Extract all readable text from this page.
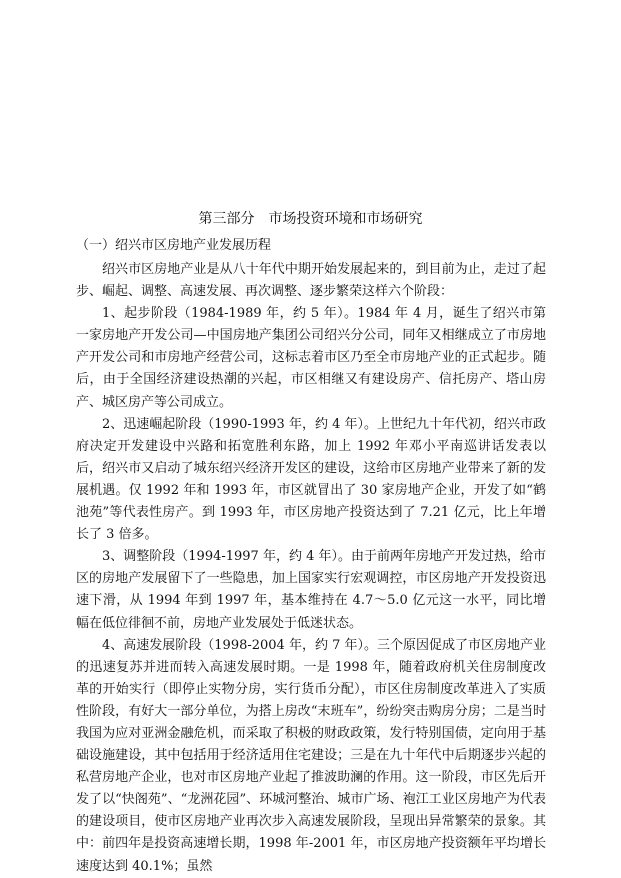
第三部分　市场投资环境和市场研究
（一）绍兴市区房地产业发展历程

绍兴市区房地产业是从八十年代中期开始发展起来的，到目前为止，走过了起步、崛起、调整、高速发展、再次调整、逐步繁荣这样六个阶段：

1、起步阶段（1984-1989 年，约 5 年）。1984 年 4 月，诞生了绍兴市第一家房地产开发公司—中国房地产集团公司绍兴分公司，同年又相继成立了市房地产开发公司和市房地产经营公司，这标志着市区乃至全市房地产业的正式起步。随后，由于全国经济建设热潮的兴起，市区相继又有建设房产、信托房产、塔山房产、城区房产等公司成立。

2、迅速崛起阶段（1990-1993 年，约 4 年）。上世纪九十年代初，绍兴市政府决定开发建设中兴路和拓宽胜利东路，加上 1992 年邓小平南巡讲话发表以后，绍兴市又启动了城东绍兴经济开发区的建设，这给市区房地产业带来了新的发展机遇。仅 1992 年和 1993 年，市区就冒出了 30 家房地产企业，开发了如“鹤池苑”等代表性房产。到 1993 年，市区房地产投资达到了 7.21 亿元，比上年增长了 3 倍多。

3、调整阶段（1994-1997 年，约 4 年）。由于前两年房地产开发过热，给市区的房地产发展留下了一些隐患，加上国家实行宏观调控，市区房地产开发投资迅速下滑，从 1994 年到 1997 年，基本维持在 4.7～5.0 亿元这一水平，同比增幅在低位徘徊不前，房地产业发展处于低迷状态。

4、高速发展阶段（1998-2004 年，约 7 年）。三个原因促成了市区房地产业的迅速复苏并进而转入高速发展时期。一是 1998 年，随着政府机关住房制度改革的开始实行（即停止实物分房，实行货币分配），市区住房制度改革进入了实质性阶段，有好大一部分单位，为搭上房改“末班车”，纷纷突击购房分房；二是当时我国为应对亚洲金融危机，而采取了积极的财政政策，发行特别国债，定向用于基础设施建设，其中包括用于经济适用住宅建设；三是在九十年代中后期逐步兴起的私营房地产企业，也对市区房地产业起了推波助澜的作用。这一阶段，市区先后开发了以“快阁苑”、“龙洲花园”、环城河整治、城市广场、袍江工业区房地产为代表的建设项目，使市区房地产业再次步入高速发展阶段，呈现出异常繁荣的景象。其中：前四年是投资高速增长期，1998 年-2001 年，市区房地产投资额年平均增长速度达到 40.1%；虽然
